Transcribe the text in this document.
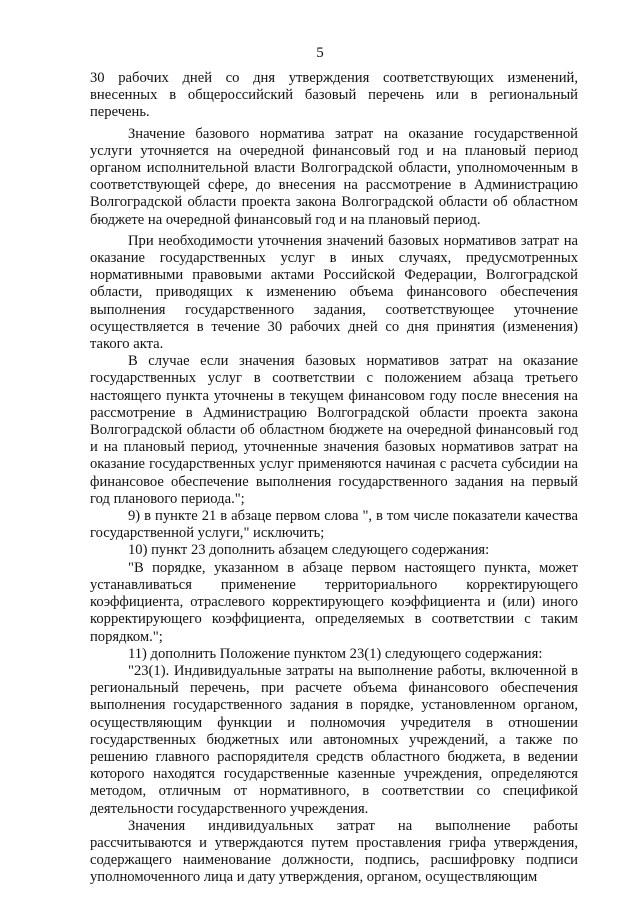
5

30 рабочих дней со дня утверждения соответствующих изменений, внесенных в общероссийский базовый перечень или в региональный перечень.

Значение базового норматива затрат на оказание государственной услуги уточняется на очередной финансовый год и на плановый период органом исполнительной власти Волгоградской области, уполномоченным в соответствующей сфере, до внесения на рассмотрение в Администрацию Волгоградской области проекта закона Волгоградской области об областном бюджете на очередной финансовый год и на плановый период.

При необходимости уточнения значений базовых нормативов затрат на оказание государственных услуг в иных случаях, предусмотренных нормативными правовыми актами Российской Федерации, Волгоградской области, приводящих к изменению объема финансового обеспечения выполнения государственного задания, соответствующее уточнение осуществляется в течение 30 рабочих дней со дня принятия (изменения) такого акта.

В случае если значения базовых нормативов затрат на оказание государственных услуг в соответствии с положением абзаца третьего настоящего пункта уточнены в текущем финансовом году после внесения на рассмотрение в Администрацию Волгоградской области проекта закона Волгоградской области об областном бюджете на очередной финансовый год и на плановый период, уточненные значения базовых нормативов затрат на оказание государственных услуг применяются начиная с расчета субсидии на финансовое обеспечение выполнения государственного задания на первый год планового периода.";

9) в пункте 21 в абзаце первом слова ", в том числе показатели качества государственной услуги," исключить;

10) пункт 23 дополнить абзацем следующего содержания:

"В порядке, указанном в абзаце первом настоящего пункта, может устанавливаться применение территориального корректирующего коэффициента, отраслевого корректирующего коэффициента и (или) иного корректирующего коэффициента, определяемых в соответствии с таким порядком.";

11) дополнить Положение пунктом 23(1) следующего содержания:

"23(1). Индивидуальные затраты на выполнение работы, включенной в региональный перечень, при расчете объема финансового обеспечения выполнения государственного задания в порядке, установленном органом, осуществляющим функции и полномочия учредителя в отношении государственных бюджетных или автономных учреждений, а также по решению главного распорядителя средств областного бюджета, в ведении которого находятся государственные казенные учреждения, определяются методом, отличным от нормативного, в соответствии со спецификой деятельности государственного учреждения.

Значения индивидуальных затрат на выполнение работы рассчитываются и утверждаются путем проставления грифа утверждения, содержащего наименование должности, подпись, расшифровку подписи уполномоченного лица и дату утверждения, органом, осуществляющим
